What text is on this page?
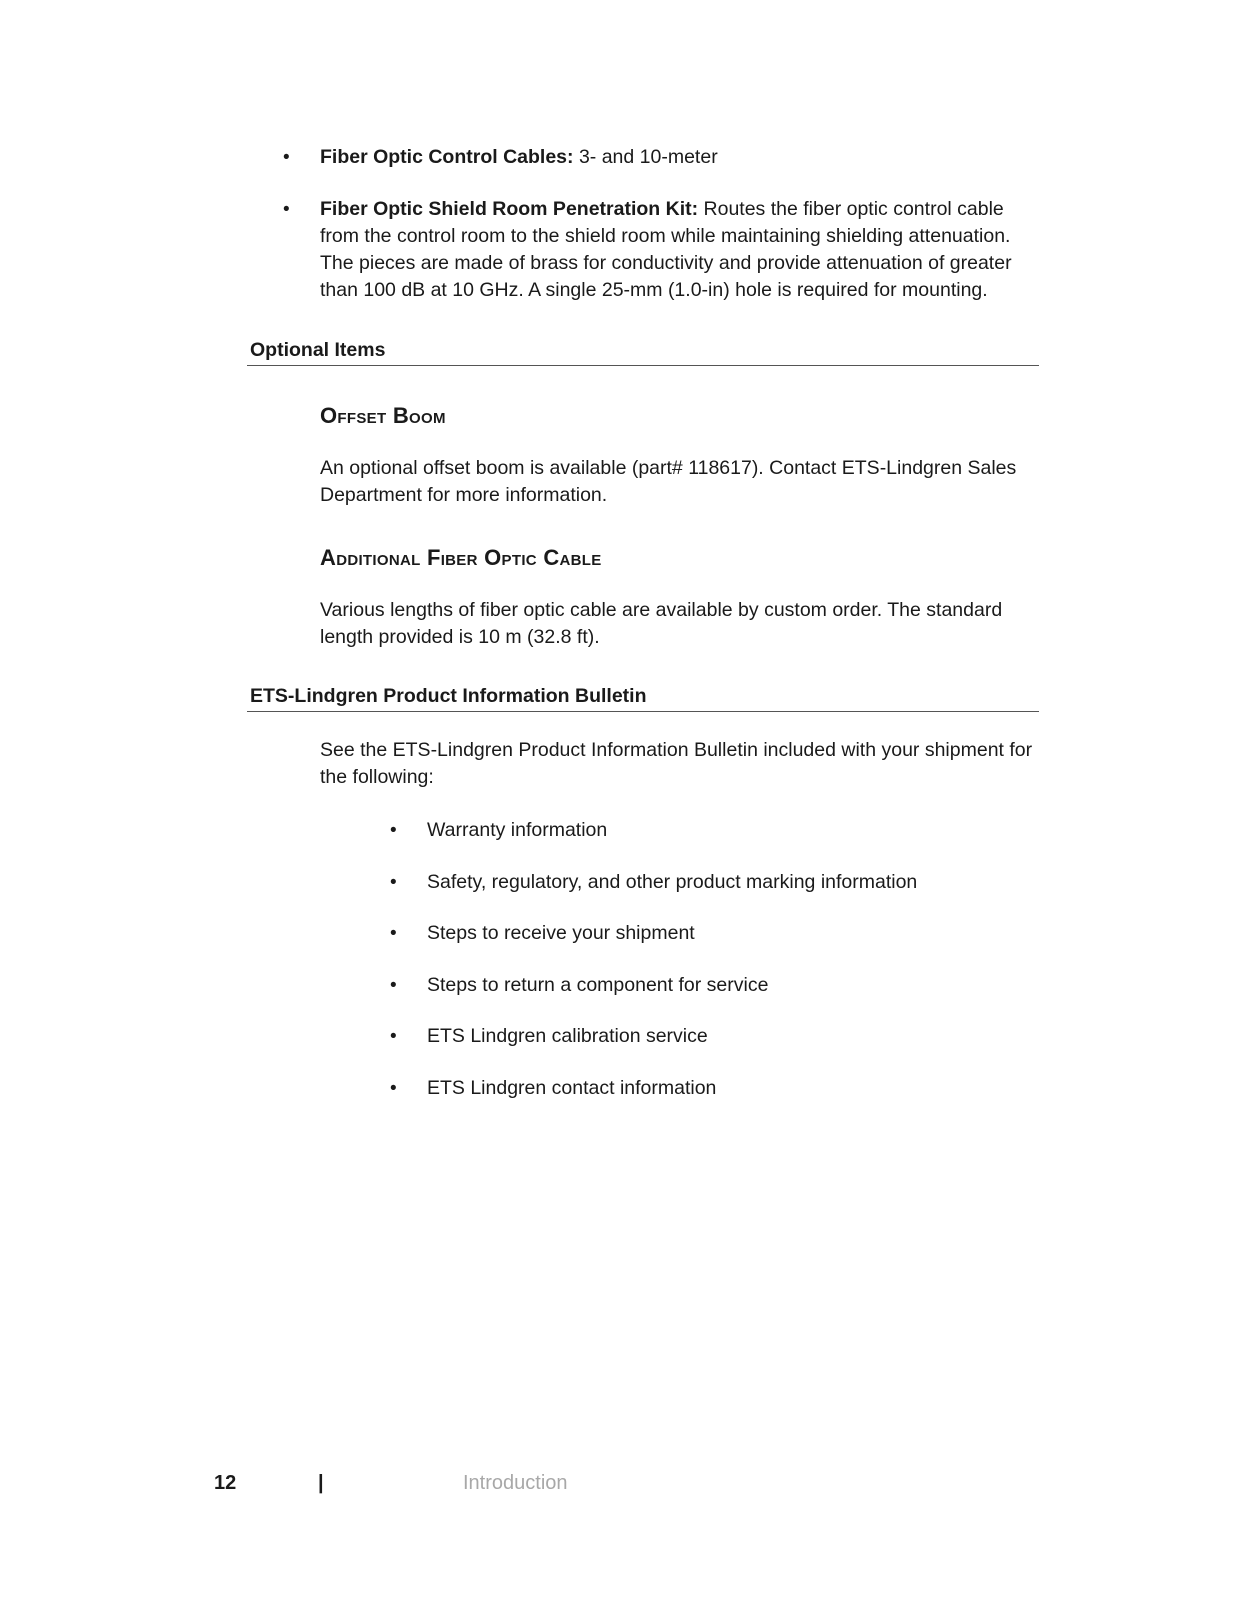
• Fiber Optic Control Cables: 3- and 10-meter
• Fiber Optic Shield Room Penetration Kit: Routes the fiber optic control cable from the control room to the shield room while maintaining shielding attenuation. The pieces are made of brass for conductivity and provide attenuation of greater than 100 dB at 10 GHz. A single 25-mm (1.0-in) hole is required for mounting.
Optional Items
Offset Boom
An optional offset boom is available (part# 118617). Contact ETS-Lindgren Sales Department for more information.
Additional Fiber Optic Cable
Various lengths of fiber optic cable are available by custom order. The standard length provided is 10 m (32.8 ft).
ETS-Lindgren Product Information Bulletin
See the ETS-Lindgren Product Information Bulletin included with your shipment for the following:
• Warranty information
• Safety, regulatory, and other product marking information
• Steps to receive your shipment
• Steps to return a component for service
• ETS Lindgren calibration service
• ETS Lindgren contact information
12	|	Introduction
